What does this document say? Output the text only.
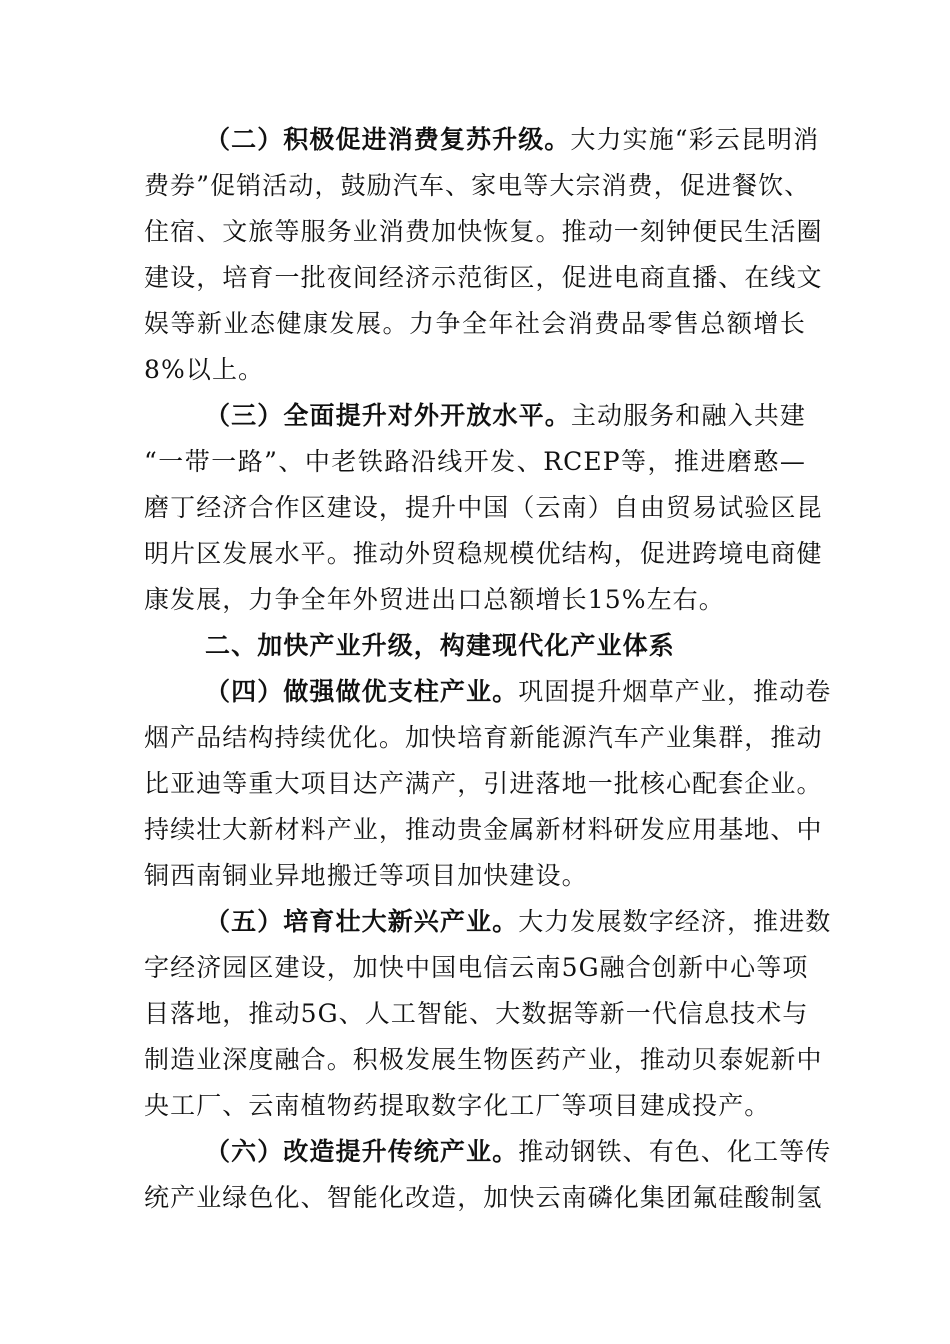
（二）积极促进消费复苏升级。大力实施“彩云昆明消
费券”促销活动，鼓励汽车、家电等大宗消费，促进餐饮、
住宿、文旅等服务业消费加快恢复。推动一刻钟便民生活圈
建设，培育一批夜间经济示范街区，促进电商直播、在线文
娱等新业态健康发展。力争全年社会消费品零售总额增长
8%以上。
（三）全面提升对外开放水平。主动服务和融入共建
“一带一路”、中老铁路沿线开发、RCEP等，推进磨憨—
磨丁经济合作区建设，提升中国（云南）自由贸易试验区昆
明片区发展水平。推动外贸稳规模优结构，促进跨境电商健
康发展，力争全年外贸进出口总额增长15%左右。
二、加快产业升级，构建现代化产业体系
（四）做强做优支柱产业。巩固提升烟草产业，推动卷
烟产品结构持续优化。加快培育新能源汽车产业集群，推动
比亚迪等重大项目达产满产，引进落地一批核心配套企业。
持续壮大新材料产业，推动贵金属新材料研发应用基地、中
铜西南铜业异地搬迁等项目加快建设。
（五）培育壮大新兴产业。大力发展数字经济，推进数
字经济园区建设，加快中国电信云南5G融合创新中心等项
目落地，推动5G、人工智能、大数据等新一代信息技术与
制造业深度融合。积极发展生物医药产业，推动贝泰妮新中
央工厂、云南植物药提取数字化工厂等项目建成投产。
（六）改造提升传统产业。推动钢铁、有色、化工等传
统产业绿色化、智能化改造，加快云南磷化集团氟硅酸制氢
